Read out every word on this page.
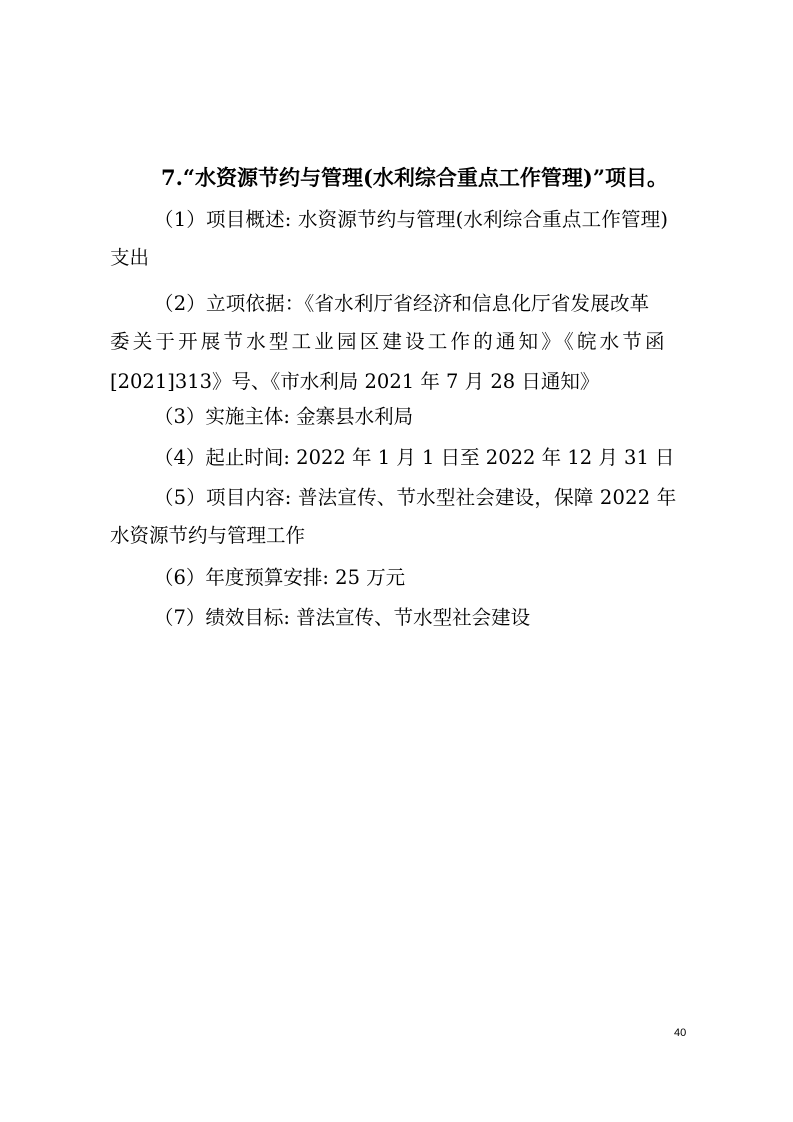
7.“水资源节约与管理(水利综合重点工作管理)”项目。
（1）项目概述: 水资源节约与管理(水利综合重点工作管理)
支出
（2）立项依据：《省水利厅省经济和信息化厅省发展改革
委关于开展节水型工业园区建设工作的通知》《皖水节函
[2021]313》号、《市水利局 2021 年 7 月 28 日通知》
（3）实施主体: 金寨县水利局
（4）起止时间: 2022 年 1 月 1 日至 2022 年 12 月 31 日
（5）项目内容: 普法宣传、节水型社会建设，保障 2022 年
水资源节约与管理工作
（6）年度预算安排: 25 万元
（7）绩效目标: 普法宣传、节水型社会建设
40
